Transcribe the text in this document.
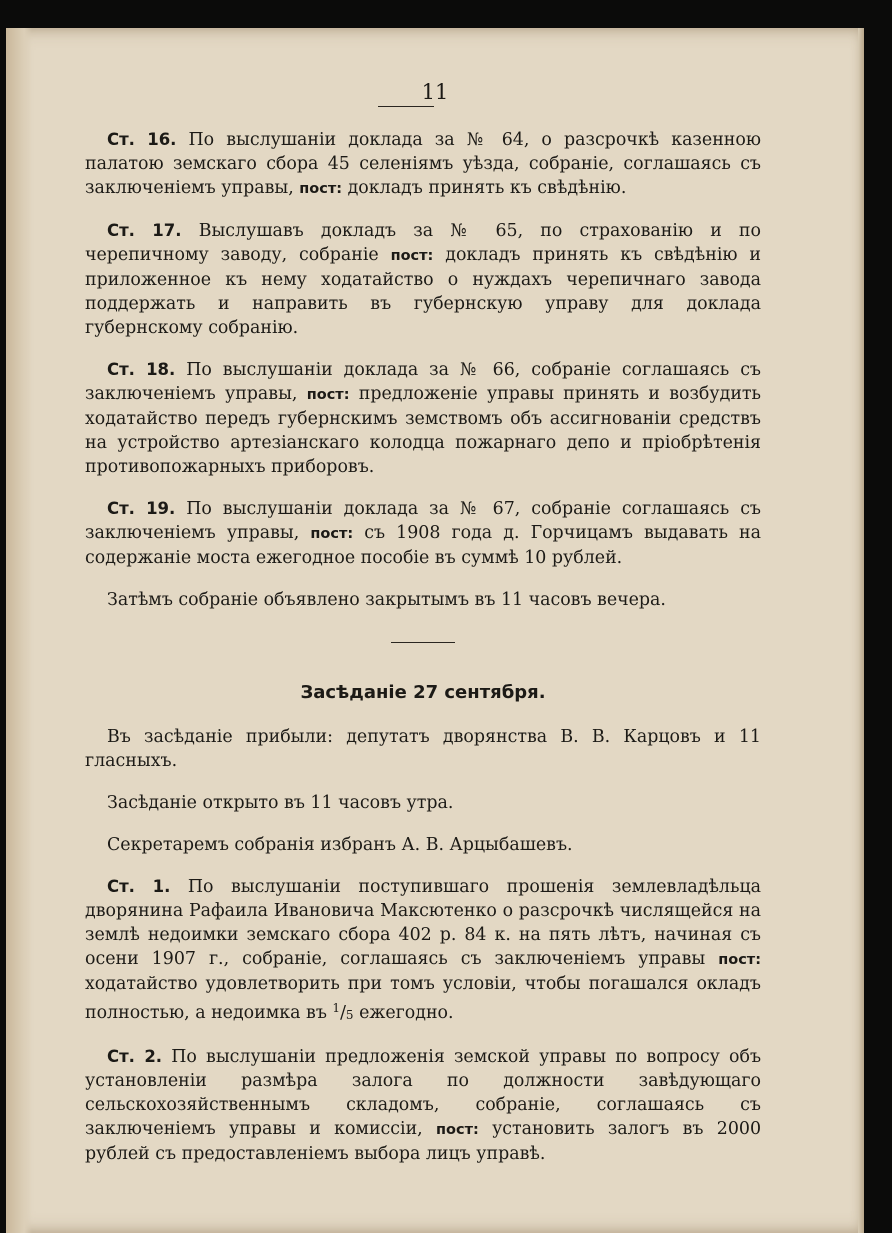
11

Ст. 16. По выслушанiи доклада за № 64, о разсрочкѣ казенною палатою земскаго сбора 45 селенiямъ уѣзда, собранiе, соглашаясь съ заключенiемъ управы, пост: докладъ принять къ свѣдѣнiю.

Ст. 17. Выслушавъ докладъ за № 65, по страхованiю и по черепичному заводу, собранiе пост: докладъ принять къ свѣдѣнiю и приложенное къ нему ходатайство о нуждахъ черепичнаго завода поддержать и направить въ губернскую управу для доклада губернскому собранiю.

Ст. 18. По выслушанiи доклада за № 66, собранiе соглашаясь съ заключенiемъ управы, пост: предложенiе управы принять и возбудить ходатайство передъ губернскимъ земствомъ объ ассигнованiи средствъ на устройство артезiанскаго колодца пожарнаго депо и прiобрѣтенiя противопожарныхъ приборовъ.

Ст. 19. По выслушанiи доклада за № 67, собранiе соглашаясь съ заключенiемъ управы, пост: съ 1908 года д. Горчицамъ выдавать на содержанiе моста ежегодное пособiе въ суммѣ 10 рублей.

Затѣмъ собранiе объявлено закрытымъ въ 11 часовъ вечера.

Засѣданiе 27 сентября.

Въ засѣданiе прибыли: депутатъ дворянства В. В. Карцовъ и 11 гласныхъ.

Засѣданiе открыто въ 11 часовъ утра.

Секретаремъ собранiя избранъ А. В. Арцыбашевъ.

Ст. 1. По выслушанiи поступившаго прошенiя землевладѣльца дворянина Рафаила Ивановича Максютенко о разсрочкѣ числящейся на землѣ недоимки земскаго сбора 402 р. 84 к. на пять лѣтъ, начиная съ осени 1907 г., собранiе, соглашаясь съ заключенiемъ управы пост: ходатайство удовлетворить при томъ условiи, чтобы погашался окладъ полностью, а недоимка въ $^1$/5 ежегодно.

Ст. 2. По выслушанiи предложенiя земской управы по вопросу объ установленiи размѣра залога по должности завѣдующаго сельскохозяйственнымъ складомъ, собранiе, соглашаясь съ заключенiемъ управы и комиссiи, пост: установить залогъ въ 2000 рублей съ предоставленiемъ выбора лицъ управѣ.
